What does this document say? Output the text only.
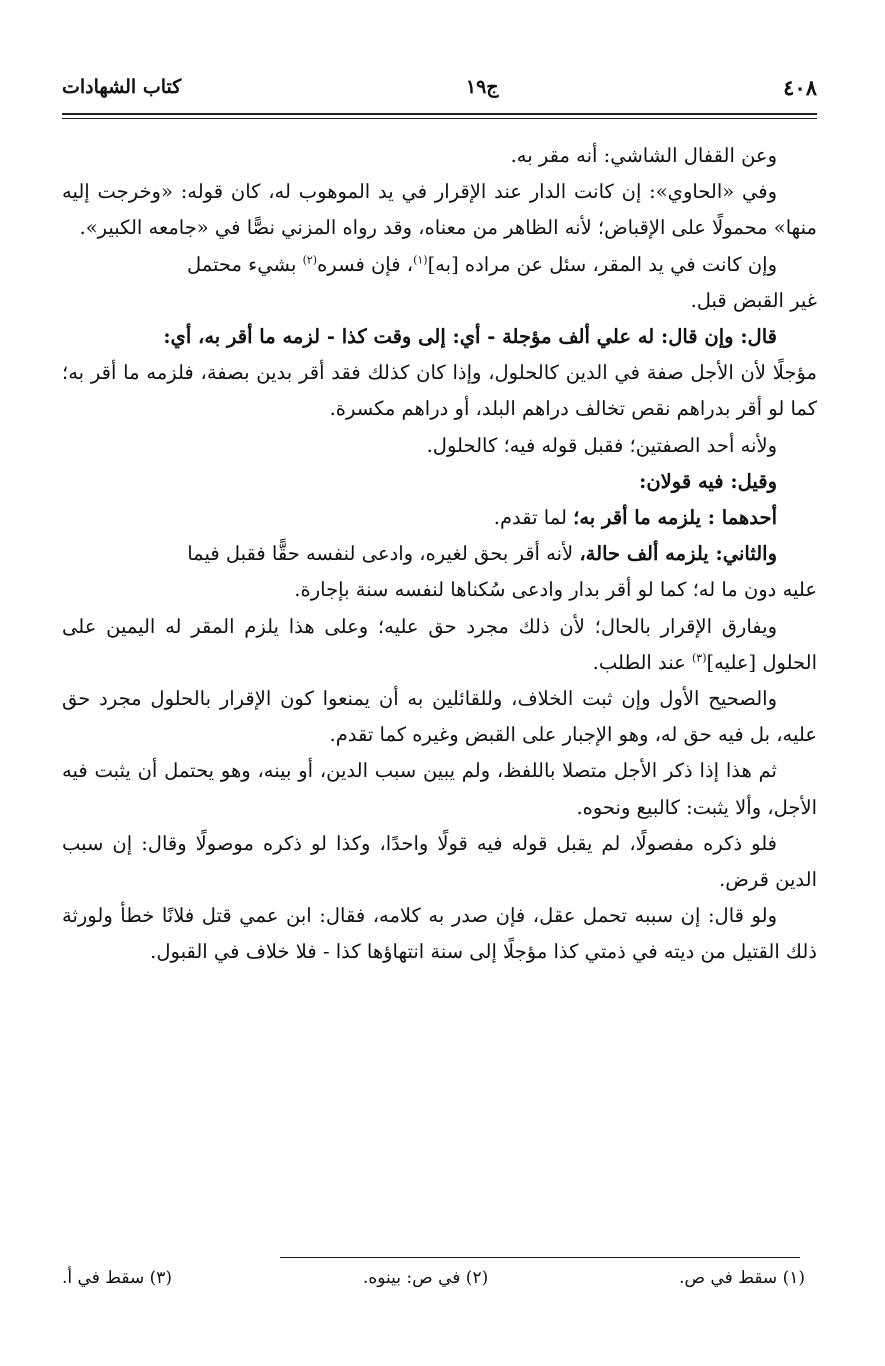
٤٠٨
ج١٩
كتاب الشهادات

وعن القفال الشاشي: أنه مقر به.

وفي «الحاوي»: إن كانت الدار عند الإقرار في يد الموهوب له، كان قوله: «وخرجت إليه منها» محمولًا على الإقباض؛ لأنه الظاهر من معناه، وقد رواه المزني نصًّا في «جامعه الكبير».

وإن كانت في يد المقر، سئل عن مراده [به]$^{(١)}$، فإن فسره$^{(٢)}$ بشيء محتمل

غير القبض قبل.

قال: وإن قال: له علي ألف مؤجلة - أي: إلى وقت كذا - لزمه ما أقر به، أي:

مؤجلًا لأن الأجل صفة في الدين كالحلول، وإذا كان كذلك فقد أقر بدين بصفة، فلزمه ما أقر به؛ كما لو أقر بدراهم نقص تخالف دراهم البلد، أو دراهم مكسرة.

ولأنه أحد الصفتين؛ فقبل قوله فيه؛ كالحلول.

وقيل: فيه قولان:

أحدهما : يلزمه ما أقر به؛ لما تقدم.

والثاني: يلزمه ألف حالة، لأنه أقر بحق لغيره، وادعى لنفسه حقًّا فقبل فيما

عليه دون ما له؛ كما لو أقر بدار وادعى سُكناها لنفسه سنة بإجارة.

ويفارق الإقرار بالحال؛ لأن ذلك مجرد حق عليه؛ وعلى هذا يلزم المقر له اليمين على الحلول [عليه]$^{(٣)}$ عند الطلب.

والصحيح الأول وإن ثبت الخلاف، وللقائلين به أن يمنعوا كون الإقرار بالحلول مجرد حق عليه، بل فيه حق له، وهو الإجبار على القبض وغيره كما تقدم.

ثم هذا إذا ذكر الأجل متصلا باللفظ، ولم يبين سبب الدين، أو بينه، وهو يحتمل أن يثبت فيه الأجل، وألا يثبت: كالبيع ونحوه.

فلو ذكره مفصولًا، لم يقبل قوله فيه قولًا واحدًا، وكذا لو ذكره موصولًا وقال: إن سبب الدين قرض.

ولو قال: إن سببه تحمل عقل، فإن صدر به كلامه، فقال: ابن عمي قتل فلانًا خطأ ولورثة ذلك القتيل من ديته في ذمتي كذا مؤجلًا إلى سنة انتهاؤها كذا - فلا خلاف في القبول.

(١) سقط في ص.
(٢) في ص: بينوه.
(٣) سقط في أ.
